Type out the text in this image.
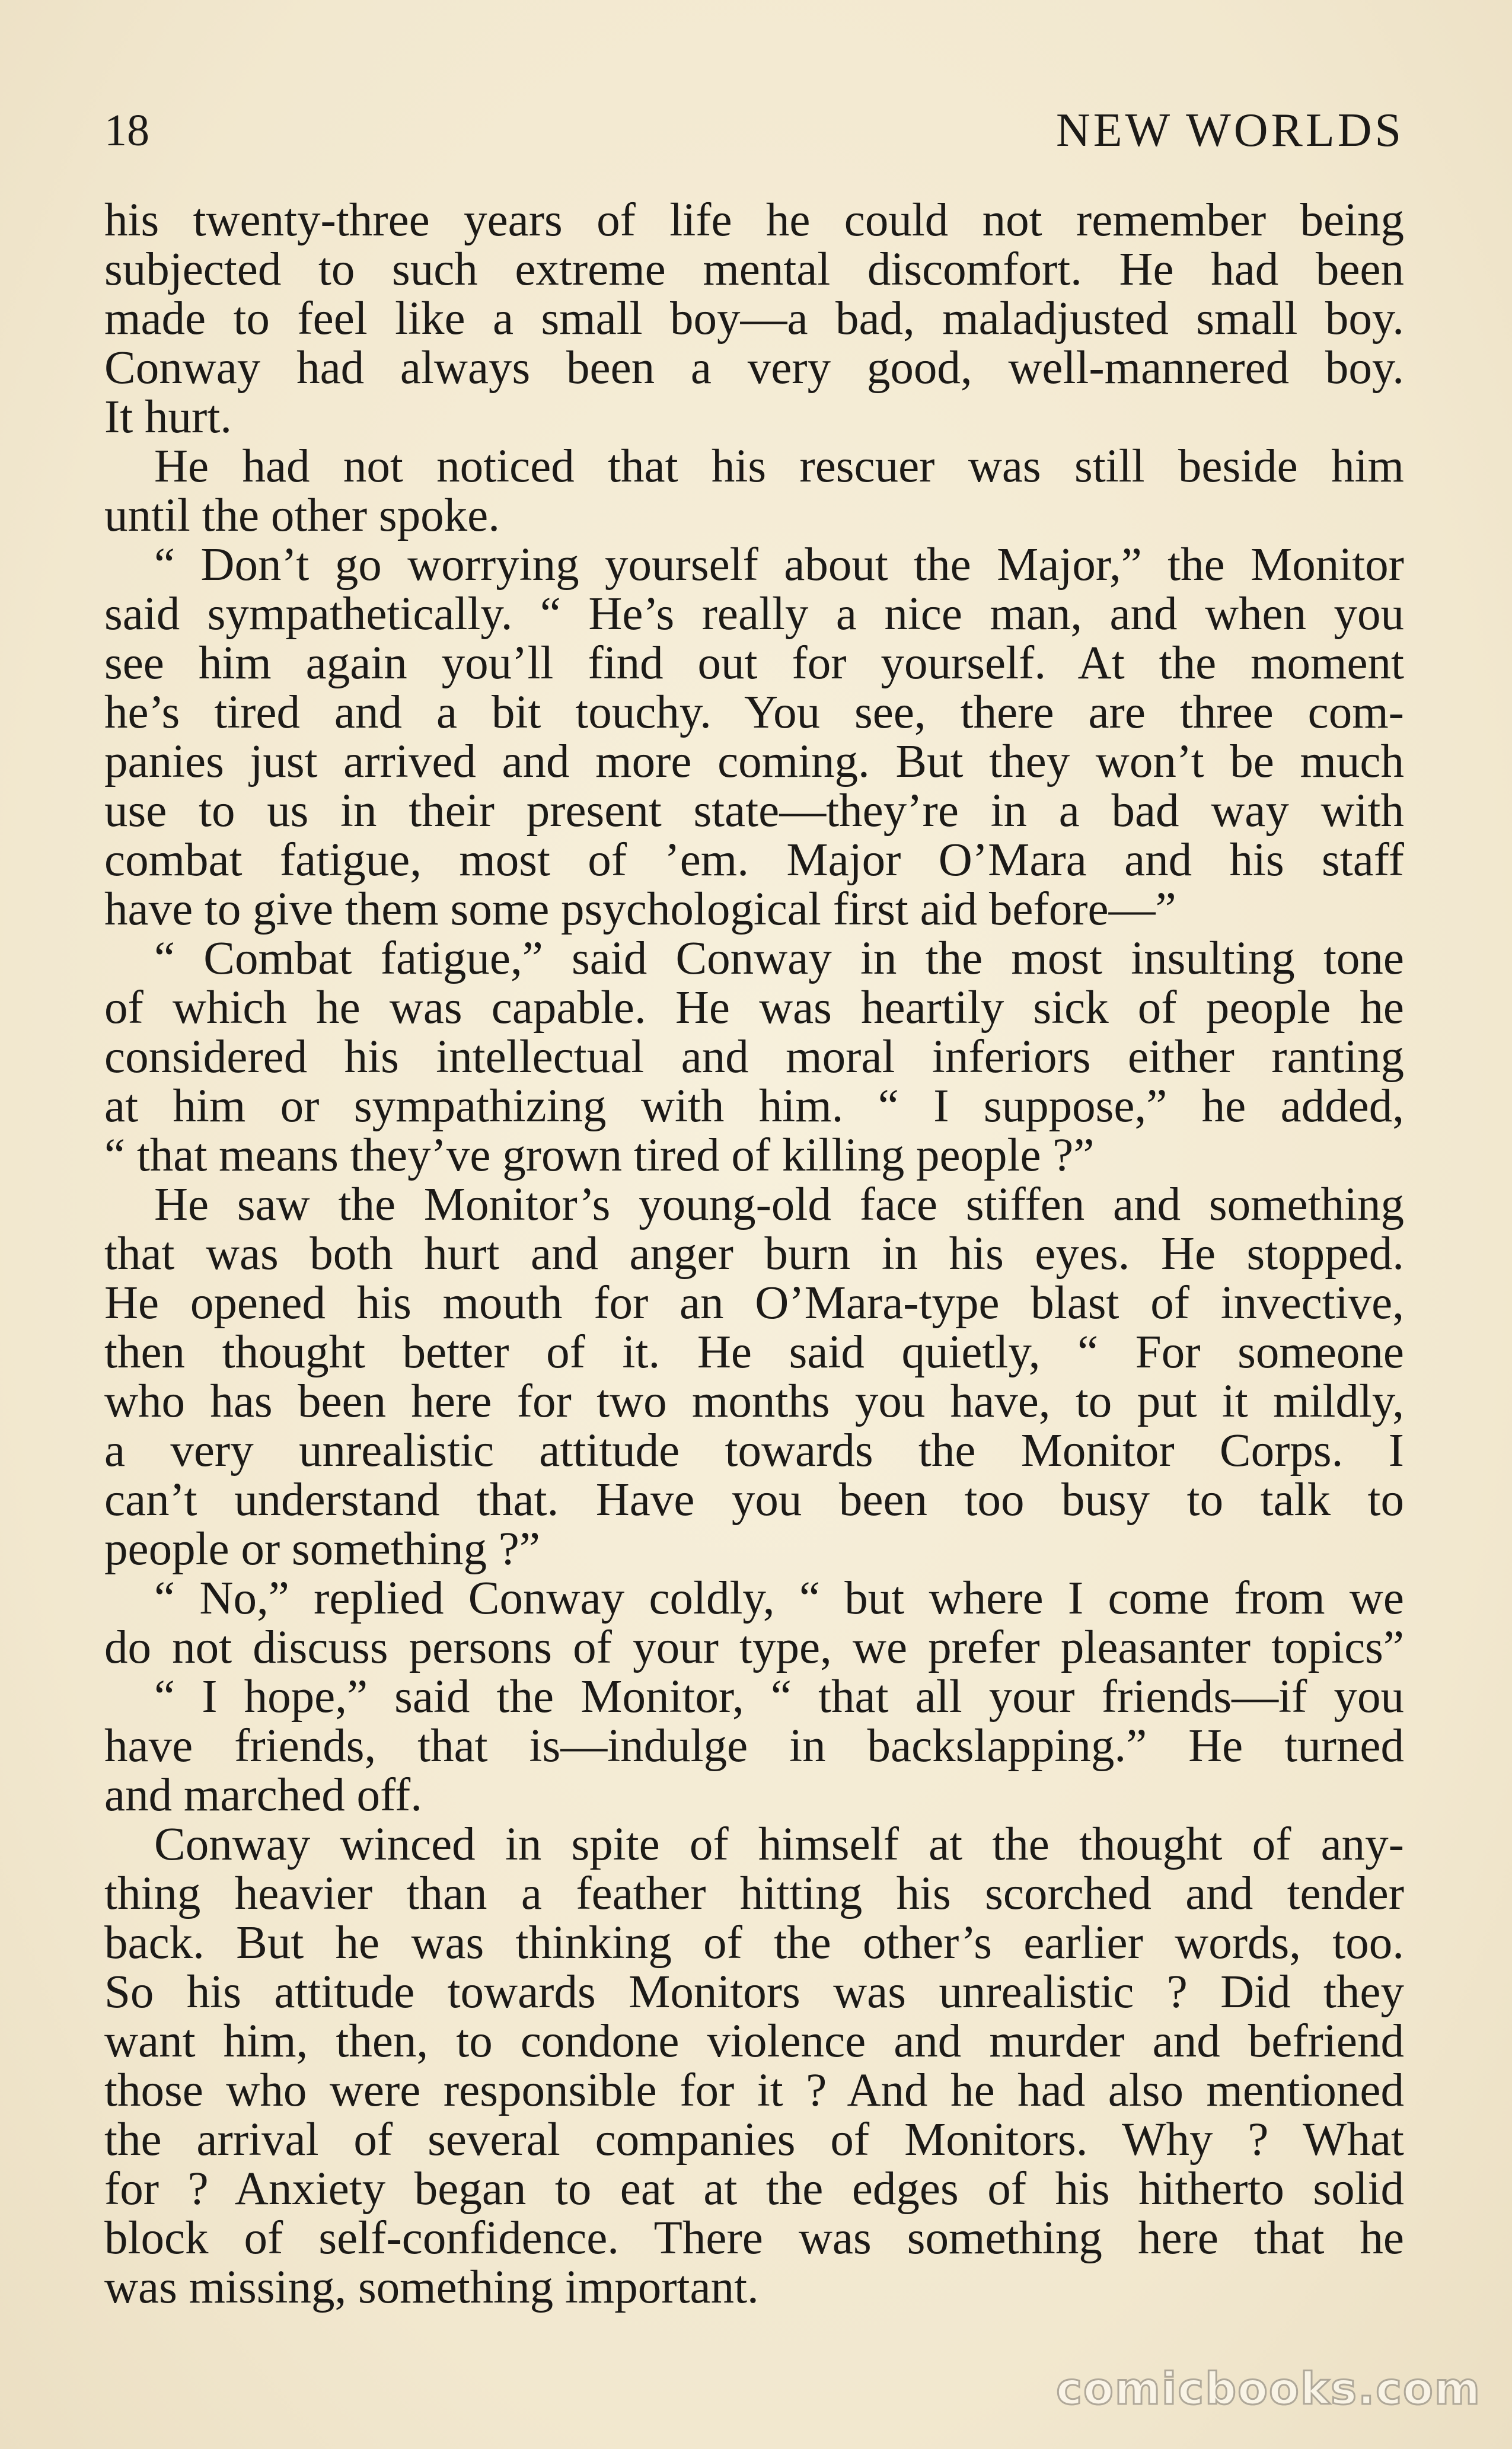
18	NEW WORLDS
his twenty-three years of life he could not remember being
subjected to such extreme mental discomfort. He had been
made to feel like a small boy—a bad, maladjusted small boy.
Conway had always been a very good, well-mannered boy.
It hurt.
He had not noticed that his rescuer was still beside him
until the other spoke.
“ Don’t go worrying yourself about the Major,” the Monitor
said sympathetically. “ He’s really a nice man, and when you
see him again you’ll find out for yourself. At the moment
he’s tired and a bit touchy. You see, there are three com-
panies just arrived and more coming. But they won’t be much
use to us in their present state—they’re in a bad way with
combat fatigue, most of ’em. Major O’Mara and his staff
have to give them some psychological first aid before—”
“ Combat fatigue,” said Conway in the most insulting tone
of which he was capable. He was heartily sick of people he
considered his intellectual and moral inferiors either ranting
at him or sympathizing with him. “ I suppose,” he added,
“ that means they’ve grown tired of killing people ?”
He saw the Monitor’s young-old face stiffen and something
that was both hurt and anger burn in his eyes. He stopped.
He opened his mouth for an O’Mara-type blast of invective,
then thought better of it. He said quietly, “ For someone
who has been here for two months you have, to put it mildly,
a very unrealistic attitude towards the Monitor Corps. I
can’t understand that. Have you been too busy to talk to
people or something ?”
“ No,” replied Conway coldly, “ but where I come from we
do not discuss persons of your type, we prefer pleasanter topics”
“ I hope,” said the Monitor, “ that all your friends—if you
have friends, that is—indulge in backslapping.” He turned
and marched off.
Conway winced in spite of himself at the thought of any-
thing heavier than a feather hitting his scorched and tender
back. But he was thinking of the other’s earlier words, too.
So his attitude towards Monitors was unrealistic ? Did they
want him, then, to condone violence and murder and befriend
those who were responsible for it ? And he had also mentioned
the arrival of several companies of Monitors. Why ? What
for ? Anxiety began to eat at the edges of his hitherto solid
block of self-confidence. There was something here that he
was missing, something important.
comicbooks.com
